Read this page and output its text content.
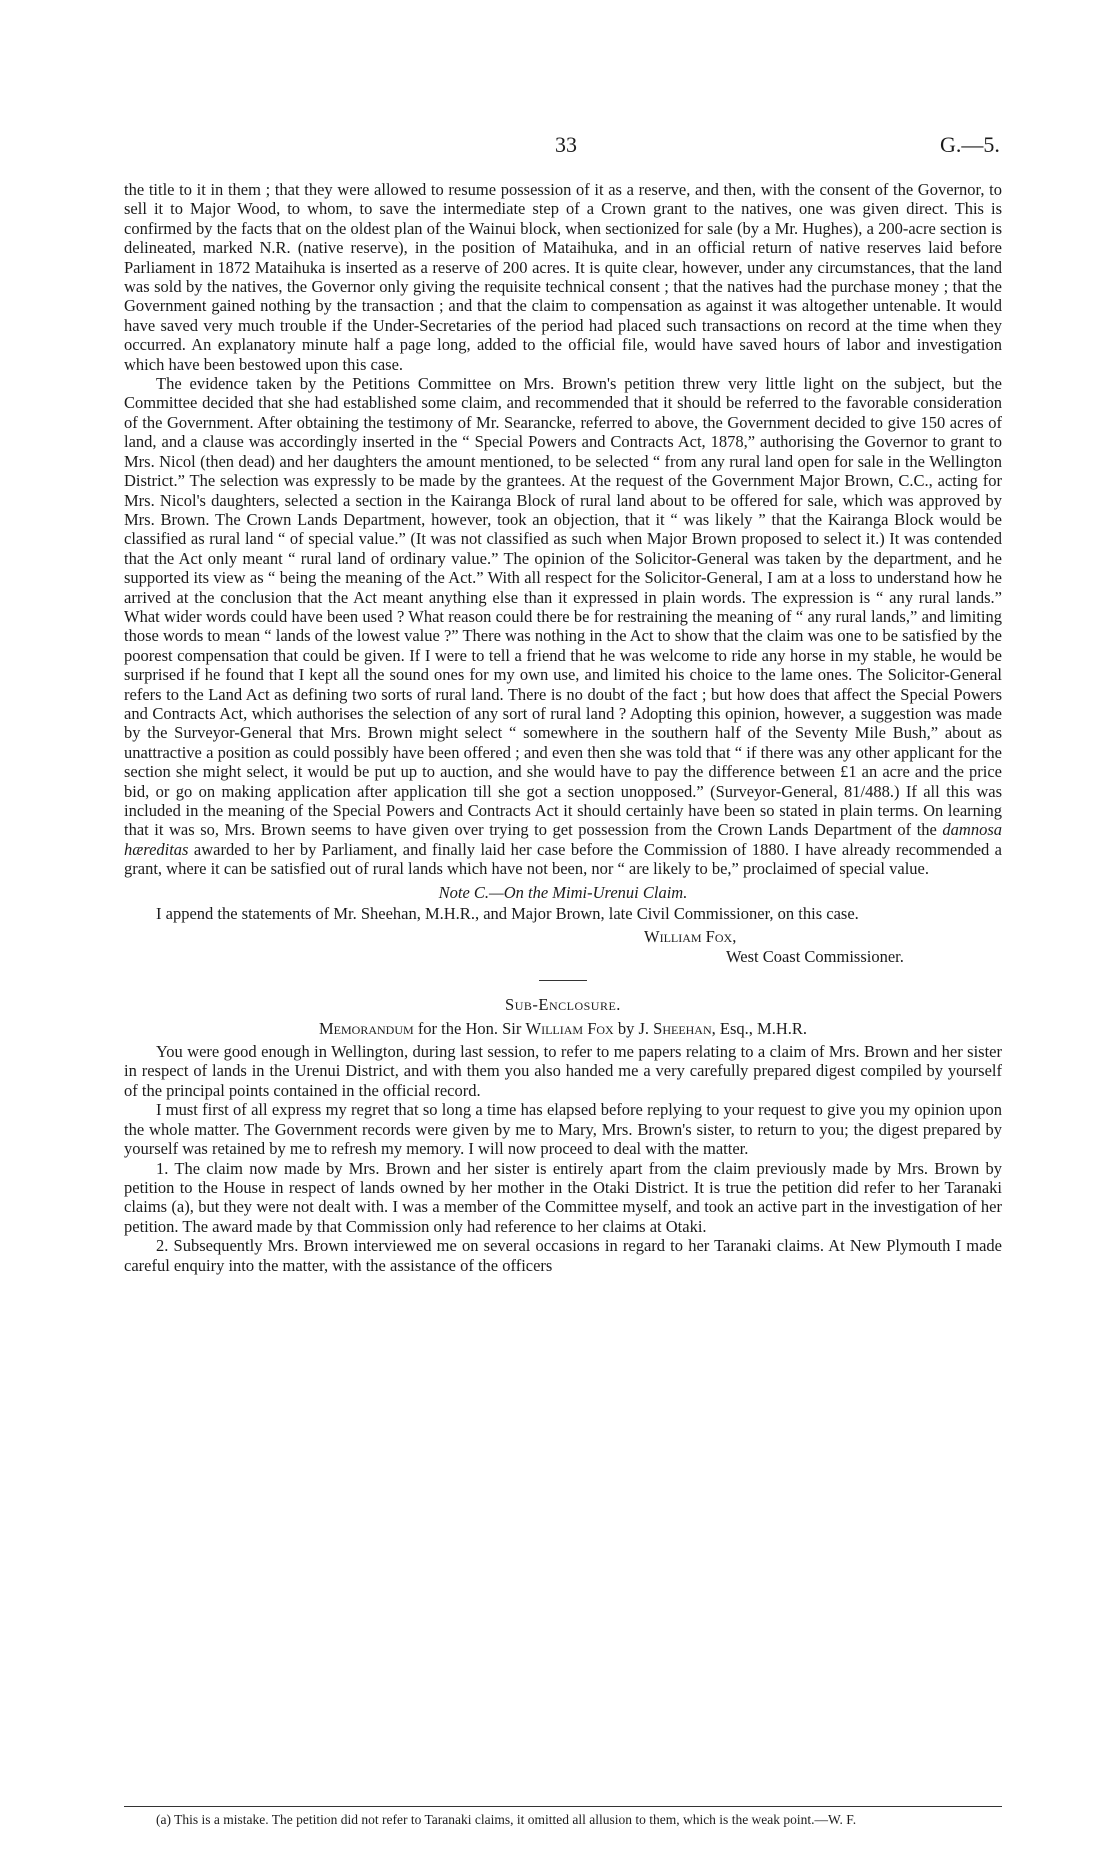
33	G.—5.

the title to it in them ; that they were allowed to resume possession of it as a reserve, and then, with the consent of the Governor, to sell it to Major Wood, to whom, to save the intermediate step of a Crown grant to the natives, one was given direct. This is confirmed by the facts that on the oldest plan of the Wainui block, when sectionized for sale (by a Mr. Hughes), a 200-acre section is delineated, marked N.R. (native reserve), in the position of Mataihuka, and in an official return of native reserves laid before Parliament in 1872 Mataihuka is inserted as a reserve of 200 acres. It is quite clear, however, under any circumstances, that the land was sold by the natives, the Governor only giving the requisite technical consent ; that the natives had the purchase money ; that the Government gained nothing by the transaction ; and that the claim to compensation as against it was altogether untenable. It would have saved very much trouble if the Under-Secretaries of the period had placed such transactions on record at the time when they occurred. An explanatory minute half a page long, added to the official file, would have saved hours of labor and investigation which have been bestowed upon this case.

The evidence taken by the Petitions Committee on Mrs. Brown's petition threw very little light on the subject, but the Committee decided that she had established some claim, and recommended that it should be referred to the favorable consideration of the Government. After obtaining the testimony of Mr. Searancke, referred to above, the Government decided to give 150 acres of land, and a clause was accordingly inserted in the “ Special Powers and Contracts Act, 1878,” authorising the Governor to grant to Mrs. Nicol (then dead) and her daughters the amount mentioned, to be selected “ from any rural land open for sale in the Wellington District.” The selection was expressly to be made by the grantees. At the request of the Government Major Brown, C.C., acting for Mrs. Nicol's daughters, selected a section in the Kairanga Block of rural land about to be offered for sale, which was approved by Mrs. Brown. The Crown Lands Department, however, took an objection, that it “ was likely ” that the Kairanga Block would be classified as rural land “ of special value.” (It was not classified as such when Major Brown proposed to select it.) It was contended that the Act only meant “ rural land of ordinary value.” The opinion of the Solicitor-General was taken by the department, and he supported its view as “ being the meaning of the Act.” With all respect for the Solicitor-General, I am at a loss to understand how he arrived at the conclusion that the Act meant anything else than it expressed in plain words. The expression is “ any rural lands.” What wider words could have been used ? What reason could there be for restraining the meaning of “ any rural lands,” and limiting those words to mean “ lands of the lowest value ?” There was nothing in the Act to show that the claim was one to be satisfied by the poorest compensation that could be given. If I were to tell a friend that he was welcome to ride any horse in my stable, he would be surprised if he found that I kept all the sound ones for my own use, and limited his choice to the lame ones. The Solicitor-General refers to the Land Act as defining two sorts of rural land. There is no doubt of the fact ; but how does that affect the Special Powers and Contracts Act, which authorises the selection of any sort of rural land ? Adopting this opinion, however, a suggestion was made by the Surveyor-General that Mrs. Brown might select “ somewhere in the southern half of the Seventy Mile Bush,” about as unattractive a position as could possibly have been offered ; and even then she was told that “ if there was any other applicant for the section she might select, it would be put up to auction, and she would have to pay the difference between £1 an acre and the price bid, or go on making application after application till she got a section unopposed.” (Surveyor-General, 81/488.) If all this was included in the meaning of the Special Powers and Contracts Act it should certainly have been so stated in plain terms. On learning that it was so, Mrs. Brown seems to have given over trying to get possession from the Crown Lands Department of the damnosa hæreditas awarded to her by Parliament, and finally laid her case before the Commission of 1880. I have already recommended a grant, where it can be satisfied out of rural lands which have not been, nor “ are likely to be,” proclaimed of special value.

Note C.—On the Mimi-Urenui Claim.

I append the statements of Mr. Sheehan, M.H.R., and Major Brown, late Civil Commissioner, on this case.

William Fox,
West Coast Commissioner.

Sub-Enclosure.

Memorandum for the Hon. Sir William Fox by J. Sheehan, Esq., M.H.R.

You were good enough in Wellington, during last session, to refer to me papers relating to a claim of Mrs. Brown and her sister in respect of lands in the Urenui District, and with them you also handed me a very carefully prepared digest compiled by yourself of the principal points contained in the official record.

I must first of all express my regret that so long a time has elapsed before replying to your request to give you my opinion upon the whole matter. The Government records were given by me to Mary, Mrs. Brown's sister, to return to you; the digest prepared by yourself was retained by me to refresh my memory. I will now proceed to deal with the matter.

1. The claim now made by Mrs. Brown and her sister is entirely apart from the claim previously made by Mrs. Brown by petition to the House in respect of lands owned by her mother in the Otaki District. It is true the petition did refer to her Taranaki claims (a), but they were not dealt with. I was a member of the Committee myself, and took an active part in the investigation of her petition. The award made by that Commission only had reference to her claims at Otaki.

2. Subsequently Mrs. Brown interviewed me on several occasions in regard to her Taranaki claims. At New Plymouth I made careful enquiry into the matter, with the assistance of the officers

(a) This is a mistake. The petition did not refer to Taranaki claims, it omitted all allusion to them, which is the weak point.—W. F.
